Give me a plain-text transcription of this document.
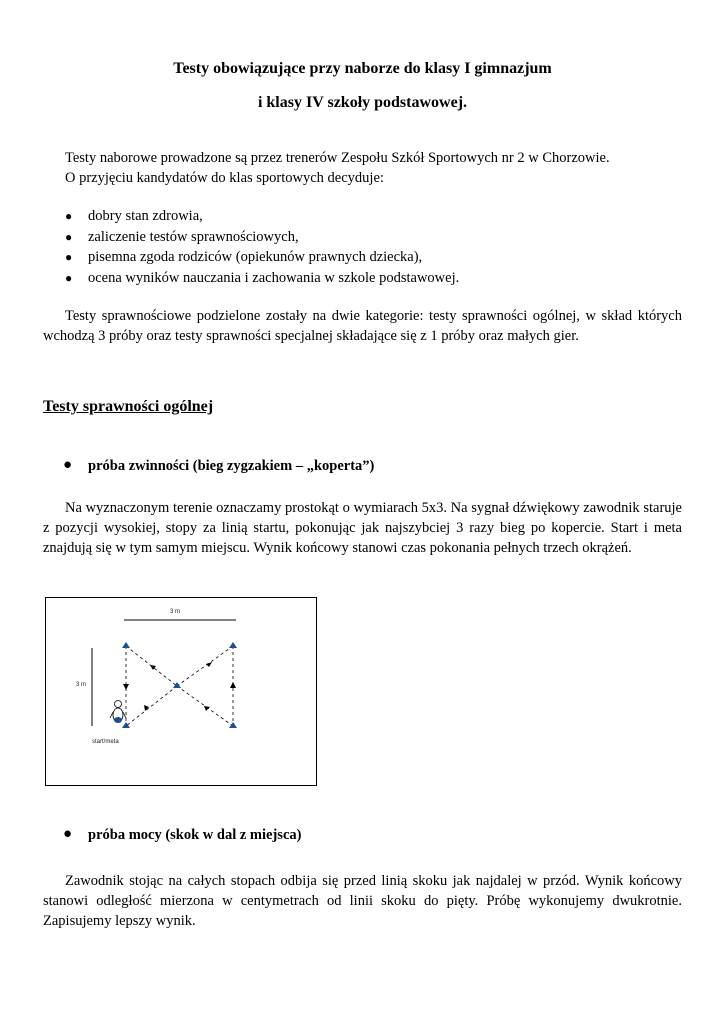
Testy obowiązujące przy naborze do klasy I gimnazjum
i klasy IV szkoły podstawowej.
Testy naborowe prowadzone są przez trenerów Zespołu Szkół Sportowych nr 2 w Chorzowie.
O przyjęciu kandydatów do klas sportowych decyduje:
● dobry stan zdrowia,
● zaliczenie testów sprawnościowych,
● pisemna zgoda rodziców (opiekunów prawnych dziecka),
● ocena wyników nauczania i zachowania w szkole podstawowej.
Testy sprawnościowe podzielone zostały na dwie kategorie: testy sprawności ogólnej, w skład których wchodzą 3 próby oraz testy sprawności specjalnej składające się z 1 próby oraz małych gier.
Testy sprawności ogólnej
● próba zwinności (bieg zygzakiem – „koperta”)
Na wyznaczonym terenie oznaczamy prostokąt o wymiarach 5x3. Na sygnał dźwiękowy zawodnik staruje z pozycji wysokiej, stopy za linią startu, pokonując jak najszybciej 3 razy bieg po kopercie. Start i meta znajdują się w tym samym miejscu. Wynik końcowy stanowi czas pokonania pełnych trzech okrążeń.
3 m
3 m
start/meta
● próba mocy (skok w dal z miejsca)
Zawodnik stojąc na całych stopach odbija się przed linią skoku jak najdalej w przód. Wynik końcowy stanowi odległość mierzona w centymetrach od linii skoku do pięty. Próbę wykonujemy dwukrotnie. Zapisujemy lepszy wynik.
